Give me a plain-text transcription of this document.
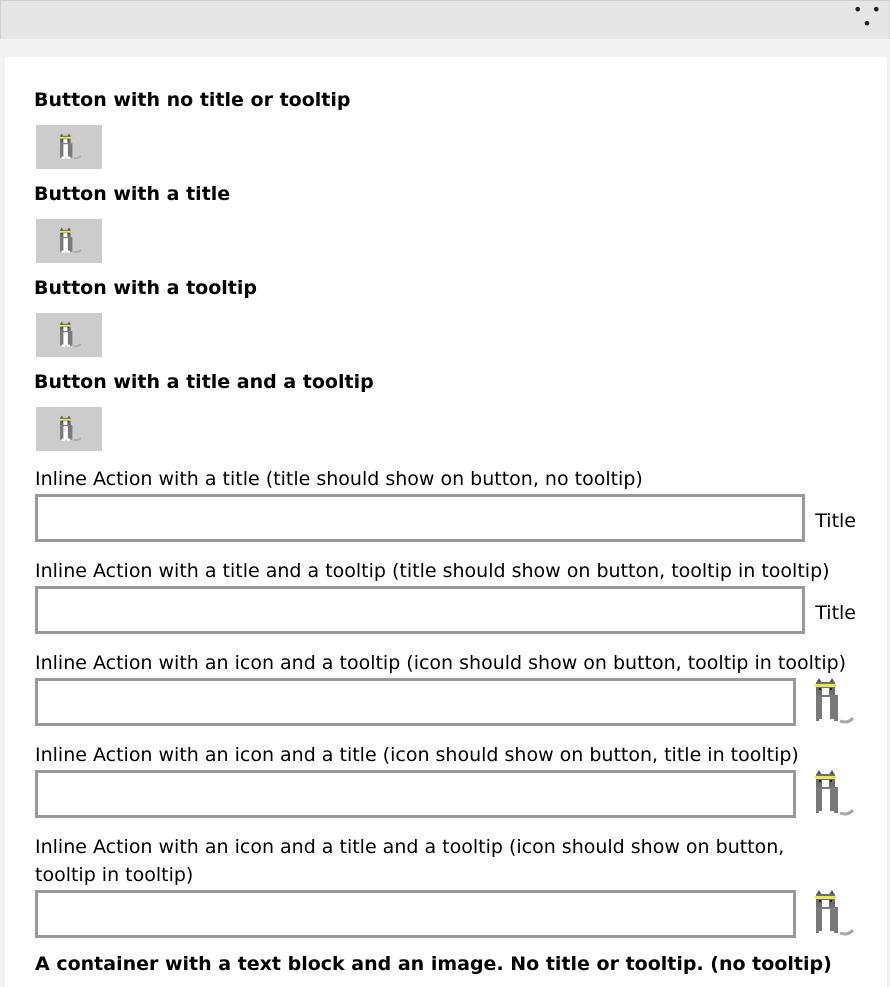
• • •
Button with no title or tooltip
Button with a title
Button with a tooltip
Button with a title and a tooltip
Inline Action with a title (title should show on button, no tooltip)
Title
Inline Action with a title and a tooltip (title should show on button, tooltip in tooltip)
Title
Inline Action with an icon and a tooltip (icon should show on button, tooltip in tooltip)
Inline Action with an icon and a title (icon should show on button, title in tooltip)
Inline Action with an icon and a title and a tooltip (icon should show on button, tooltip in tooltip)
A container with a text block and an image. No title or tooltip. (no tooltip)
